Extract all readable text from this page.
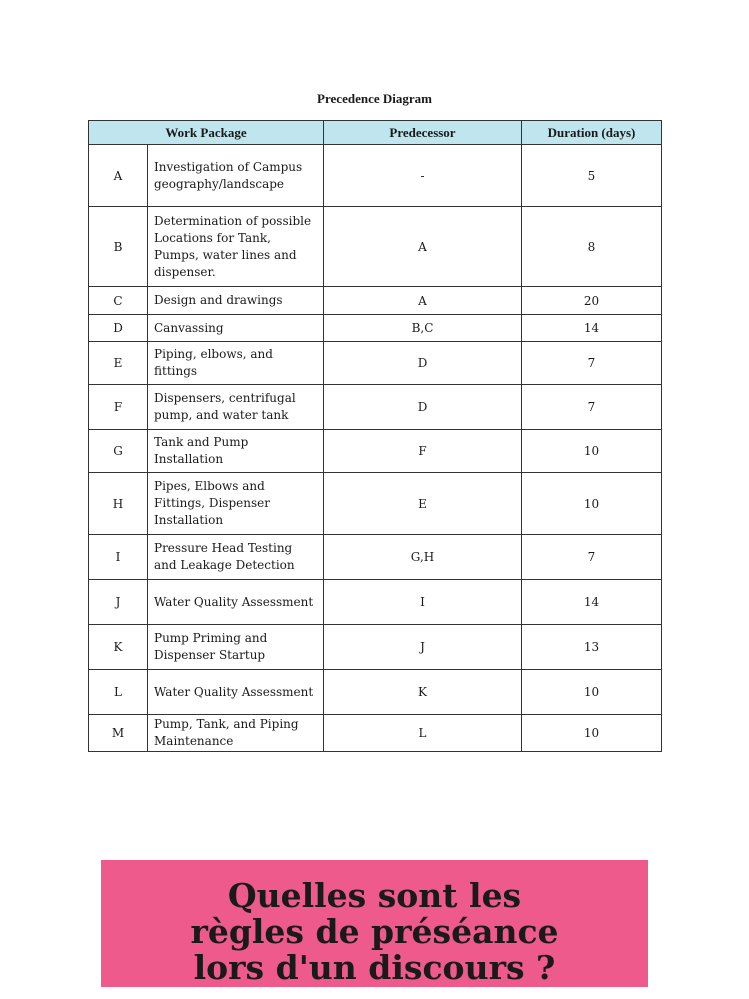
Precedence Diagram
Work Package		Predecessor	Duration (days)
A	Investigation of Campus geography/landscape	-	5
B	Determination of possible Locations for Tank, Pumps, water lines and dispenser.	A	8
C	Design and drawings	A	20
D	Canvassing	B,C	14
E	Piping, elbows, and fittings	D	7
F	Dispensers, centrifugal pump, and water tank	D	7
G	Tank and Pump Installation	F	10
H	Pipes, Elbows and Fittings, Dispenser Installation	E	10
I	Pressure Head Testing and Leakage Detection	G,H	7
J	Water Quality Assessment	I	14
K	Pump Priming and Dispenser Startup	J	13
L	Water Quality Assessment	K	10
M	Pump, Tank, and Piping Maintenance	L	10
Quelles sont les
règles de préséance
lors d'un discours ?
